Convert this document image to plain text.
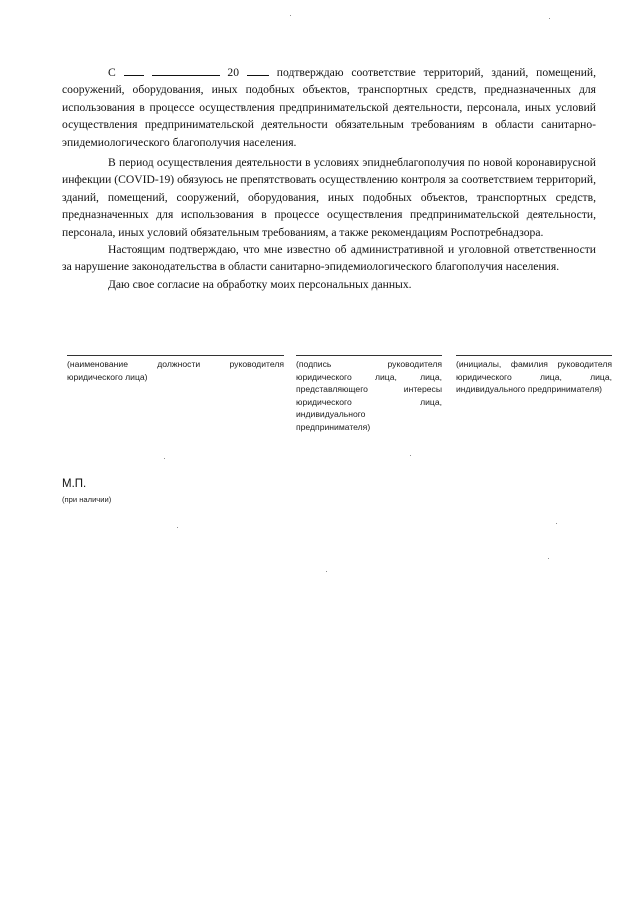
С	20	подтверждаю соответствие территорий, зданий, помещений, сооружений, оборудования, иных подобных объектов, транспортных средств, предназначенных для использования в процессе осуществления предпринимательской деятельности, персонала, иных условий осуществления предпринимательской деятельности обязательным требованиям в области санитарно-эпидемиологического благополучия населения.

В период осуществления деятельности в условиях эпиднеблагополучия по новой коронавирусной инфекции (COVID-19) обязуюсь не препятствовать осуществлению контроля за соответствием территорий, зданий, помещений, сооружений, оборудования, иных подобных объектов, транспортных средств, предназначенных для использования в процессе осуществления предпринимательской деятельности, персонала, иных условий обязательным требованиям, а также рекомендациям Роспотребнадзора.

Настоящим подтверждаю, что мне известно об административной и уголовной ответственности за нарушение законодательства в области санитарно-эпидемиологического благополучия населения.

Даю свое согласие на обработку моих персональных данных.

(наименование должности руководителя юридического лица)
(подпись руководителя юридического лица, лица, представляющего интересы юридического лица, индивидуального предпринимателя)
(инициалы, фамилия руководителя юридического лица, лица, индивидуального предпринимателя)
М.П.
(при наличии)
